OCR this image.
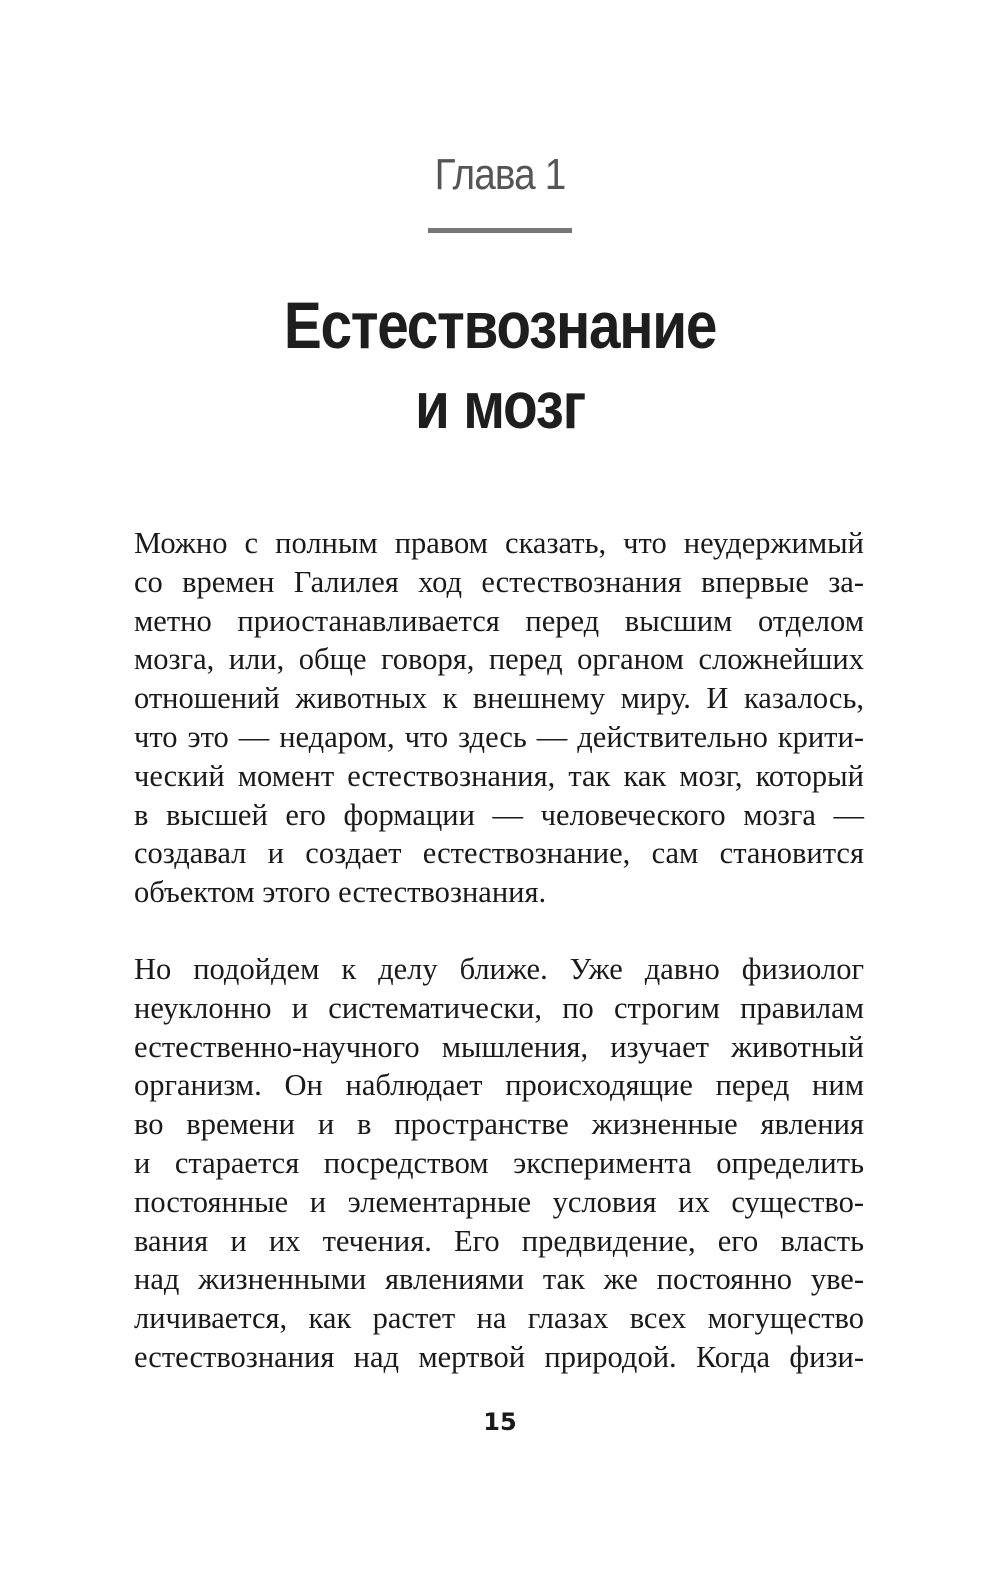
Глава 1
Естествознание
и мозг
Можно с полным правом сказать, что неудержимый
со времен Галилея ход естествознания впервые за-
метно приостанавливается перед высшим отделом
мозга, или, обще говоря, перед органом сложнейших
отношений животных к внешнему миру. И казалось,
что это — недаром, что здесь — действительно крити-
ческий момент естествознания, так как мозг, который
в высшей его формации — человеческого мозга —
создавал и создает естествознание, сам становится
объектом этого естествознания.
Но подойдем к делу ближе. Уже давно физиолог
неуклонно и систематически, по строгим правилам
естественно-научного мышления, изучает животный
организм. Он наблюдает происходящие перед ним
во времени и в пространстве жизненные явления
и старается посредством эксперимента определить
постоянные и элементарные условия их существо-
вания и их течения. Его предвидение, его власть
над жизненными явлениями так же постоянно уве-
личивается, как растет на глазах всех могущество
естествознания над мертвой природой. Когда физи-
15
